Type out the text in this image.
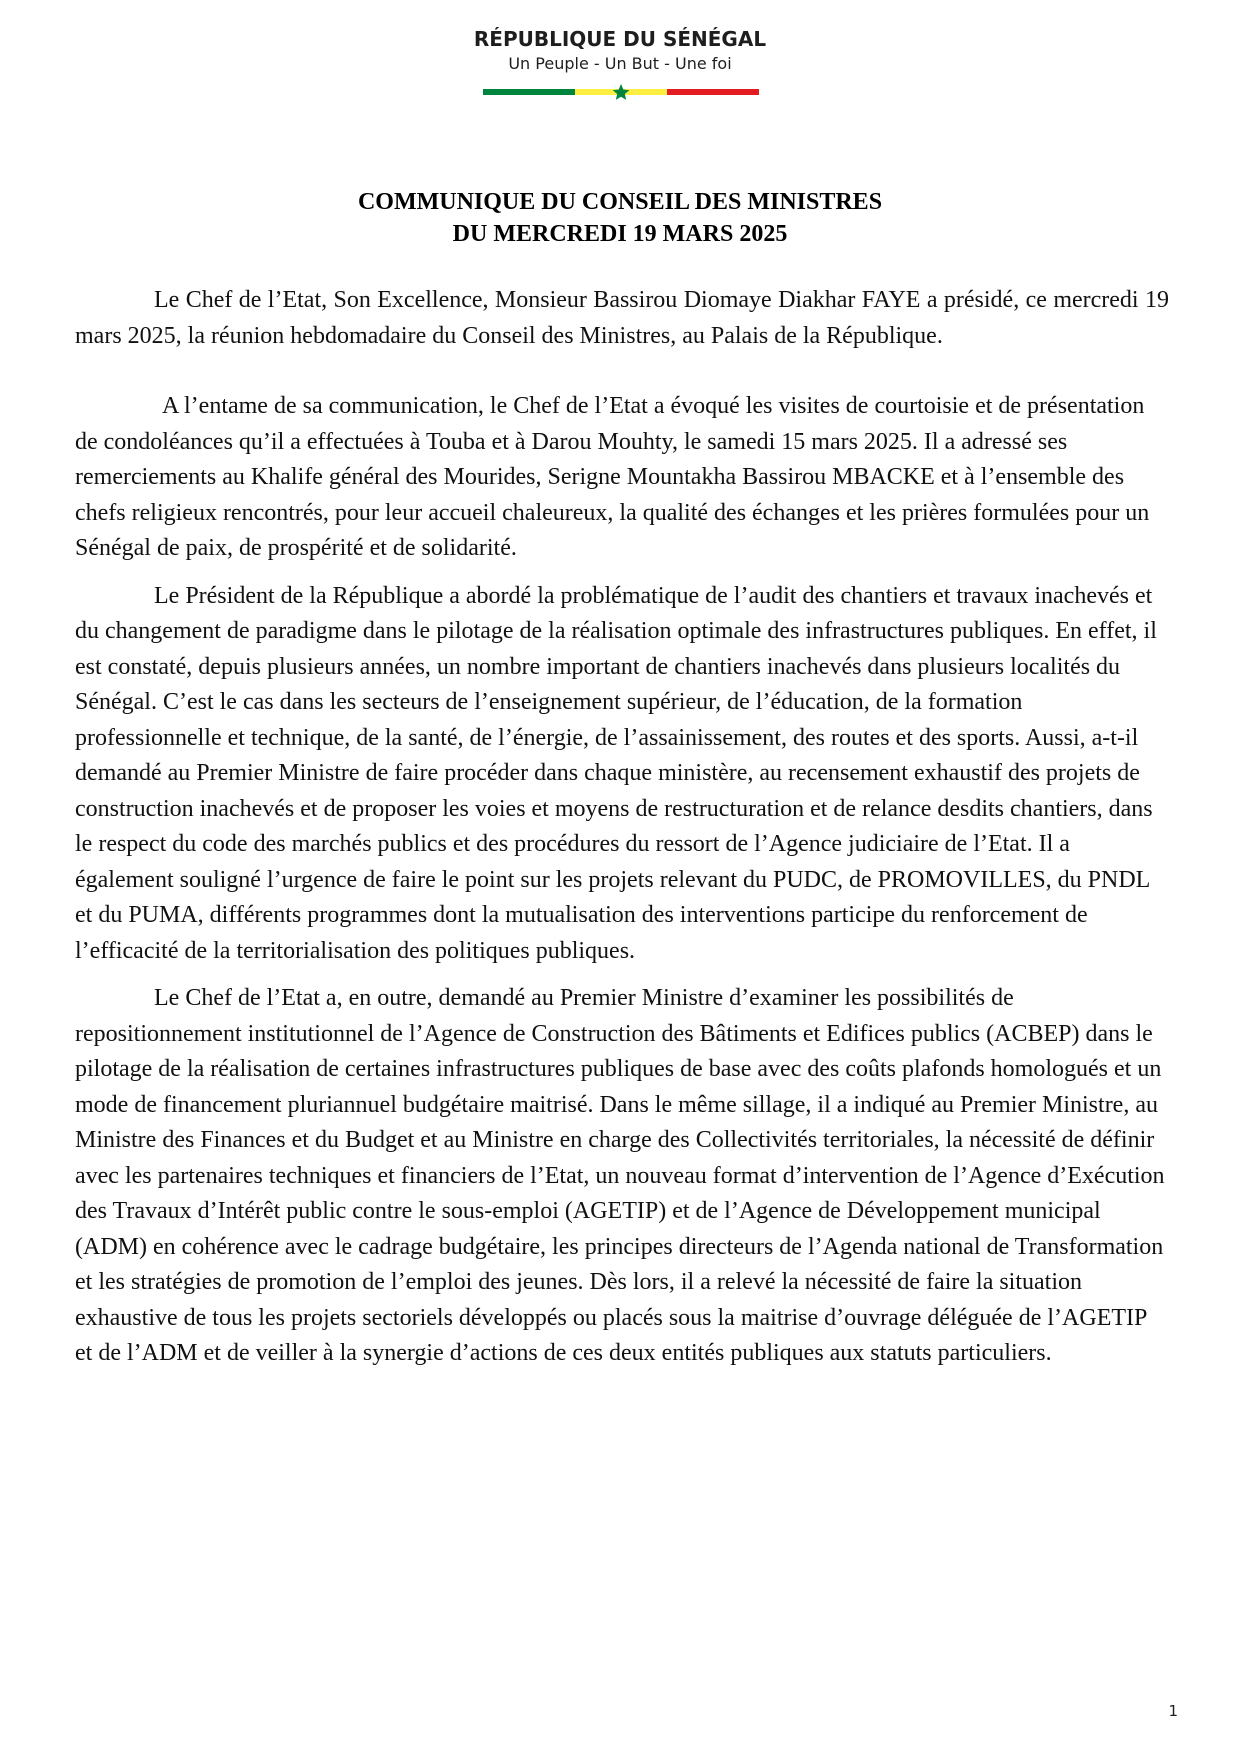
RÉPUBLIQUE DU SÉNÉGAL
Un Peuple - Un But - Une foi
COMMUNIQUE DU CONSEIL DES MINISTRES
DU MERCREDI 19 MARS 2025

Le Chef de l’Etat, Son Excellence, Monsieur Bassirou Diomaye Diakhar FAYE a présidé, ce mercredi 19 mars 2025, la réunion hebdomadaire du Conseil des Ministres, au Palais de la République.

A l’entame de sa communication, le Chef de l’Etat a évoqué les visites de courtoisie et de présentation de condoléances qu’il a effectuées à Touba et à Darou Mouhty, le samedi 15 mars 2025. Il a adressé ses remerciements au Khalife général des Mourides, Serigne Mountakha Bassirou MBACKE et à l’ensemble des chefs religieux rencontrés, pour leur accueil chaleureux, la qualité des échanges et les prières formulées pour un Sénégal de paix, de prospérité et de solidarité.

Le Président de la République a abordé la problématique de l’audit des chantiers et travaux inachevés et du changement de paradigme dans le pilotage de la réalisation optimale des infrastructures publiques. En effet, il est constaté, depuis plusieurs années, un nombre important de chantiers inachevés dans plusieurs localités du Sénégal. C’est le cas dans les secteurs de l’enseignement supérieur, de l’éducation, de la formation professionnelle et technique, de la santé, de l’énergie, de l’assainissement, des routes et des sports. Aussi, a-t-il demandé au Premier Ministre de faire procéder dans chaque ministère, au recensement exhaustif des projets de construction inachevés et de proposer les voies et moyens de restructuration et de relance desdits chantiers, dans le respect du code des marchés publics et des procédures du ressort de l’Agence judiciaire de l’Etat. Il a également souligné l’urgence de faire le point sur les projets relevant du PUDC, de PROMOVILLES, du PNDL et du PUMA, différents programmes dont la mutualisation des interventions participe du renforcement de l’efficacité de la territorialisation des politiques publiques.

Le Chef de l’Etat a, en outre, demandé au Premier Ministre d’examiner les possibilités de repositionnement institutionnel de l’Agence de Construction des Bâtiments et Edifices publics (ACBEP) dans le pilotage de la réalisation de certaines infrastructures publiques de base avec des coûts plafonds homologués et un mode de financement pluriannuel budgétaire maitrisé. Dans le même sillage, il a indiqué au Premier Ministre, au Ministre des Finances et du Budget et au Ministre en charge des Collectivités territoriales, la nécessité de définir avec les partenaires techniques et financiers de l’Etat, un nouveau format d’intervention de l’Agence d’Exécution des Travaux d’Intérêt public contre le sous-emploi (AGETIP) et de l’Agence de Développement municipal (ADM) en cohérence avec le cadrage budgétaire, les principes directeurs de l’Agenda national de Transformation et les stratégies de promotion de l’emploi des jeunes. Dès lors, il a relevé la nécessité de faire la situation exhaustive de tous les projets sectoriels développés ou placés sous la maitrise d’ouvrage déléguée de l’AGETIP et de l’ADM et de veiller à la synergie d’actions de ces deux entités publiques aux statuts particuliers.

1
